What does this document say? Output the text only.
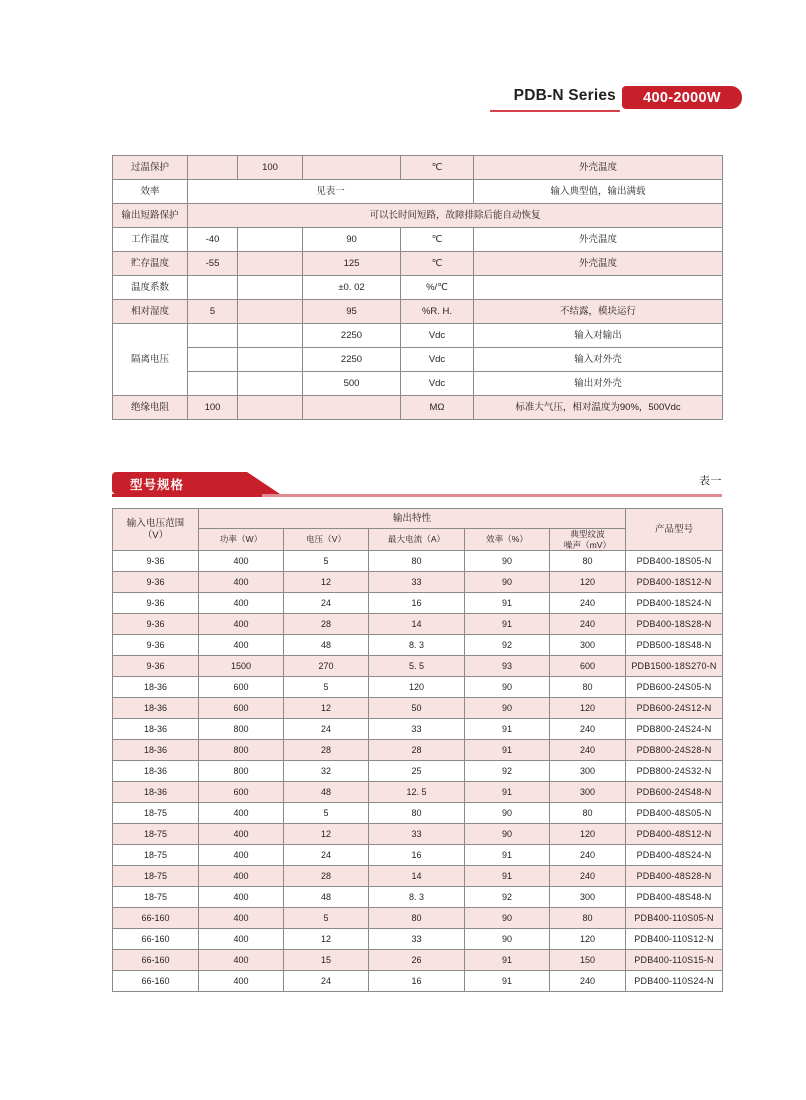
PDB-N Series	400-2000W
过温保护		100		℃	外壳温度
效率	见表一				输入典型值，输出满载
输出短路保护	可以长时间短路，故障排除后能自动恢复				
工作温度	-40		90	℃	外壳温度
贮存温度	-55		125	℃	外壳温度
温度系数			±0. 02	%/℃	
相对湿度	5		95	%R. H.	不结露，模块运行
隔离电压			2250	Vdc	输入对输出
			2250	Vdc	输入对外壳
			500	Vdc	输出对外壳
绝缘电阻	100			MΩ	标准大气压，相对温度为90%，500Vdc
型号规格	表一
输入电压范围
（V）	输出特性					产品型号
	功率（W）	电压（V）	最大电流（A）	效率（%）	典型纹波
噪声（mV）	

9-36	400	5	80	90	80	PDB400-18S05-N
9-36	400	12	33	90	120	PDB400-18S12-N
9-36	400	24	16	91	240	PDB400-18S24-N
9-36	400	28	14	91	240	PDB400-18S28-N
9-36	400	48	8. 3	92	300	PDB500-18S48-N
9-36	1500	270	5. 5	93	600	PDB1500-18S270-N
18-36	600	5	120	90	80	PDB600-24S05-N
18-36	600	12	50	90	120	PDB600-24S12-N
18-36	800	24	33	91	240	PDB800-24S24-N
18-36	800	28	28	91	240	PDB800-24S28-N
18-36	800	32	25	92	300	PDB800-24S32-N
18-36	600	48	12. 5	91	300	PDB600-24S48-N
18-75	400	5	80	90	80	PDB400-48S05-N
18-75	400	12	33	90	120	PDB400-48S12-N
18-75	400	24	16	91	240	PDB400-48S24-N
18-75	400	28	14	91	240	PDB400-48S28-N
18-75	400	48	8. 3	92	300	PDB400-48S48-N
66-160	400	5	80	90	80	PDB400-110S05-N
66-160	400	12	33	90	120	PDB400-110S12-N
66-160	400	15	26	91	150	PDB400-110S15-N
66-160	400	24	16	91	240	PDB400-110S24-N
